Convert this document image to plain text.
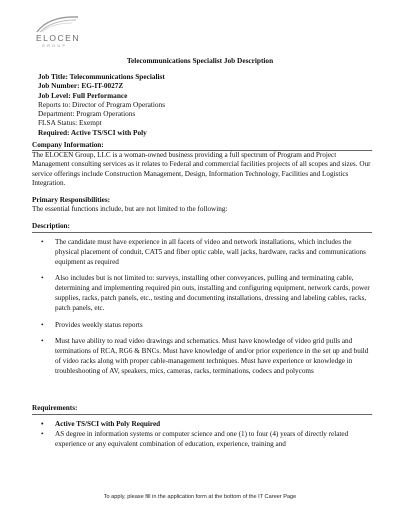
ELOCEN
GROUP
Telecommunications Specialist Job Description
Job Title: Telecommunications Specialist
Job Number: EG-IT-0027Z
Job Level: Full Performance
Reports to: Director of Program Operations
Department: Program Operations
FLSA Status: Exempt
Required: Active TS/SCI with Poly
Company Information:
The ELOCEN Group, LLC is a woman-owned business providing a full spectrum of Program and Project Management consulting services as it relates to Federal and commercial facilities projects of all scopes and sizes. Our service offerings include Construction Management, Design, Information Technology, Facilities and Logistics Integration.
Primary Responsibilities:
The essential functions include, but are not limited to the following:
Description:
• The candidate must have experience in all facets of video and network installations, which includes the physical placement of conduit, CAT5 and fiber optic cable, wall jacks, hardware, racks and communications equipment as required
• Also includes but is not limited to: surveys, installing other conveyances, pulling and terminating cable, determining and implementing required pin outs, installing and configuring equipment, network cards, power supplies, racks, patch panels, etc., testing and documenting installations, dressing and labeling cables, racks, patch panels, etc.
• Provides weekly status reports
• Must have ability to read video drawings and schematics. Must have knowledge of video grid pulls and terminations of RCA, RG6 & BNCs. Must have knowledge of and/or prior experience in the set up and build of video racks along with proper cable-management techniques. Must have experience or knowledge in troubleshooting of AV, speakers, mics, cameras, racks, terminations, codecs and polycoms
Requirements:
• Active TS/SCI with Poly Required
• AS degree in information systems or computer science and one (1) to four (4) years of directly related experience or any equivalent combination of education, experience, training and
To apply, please fill in the application form at the bottom of the IT Career Page
